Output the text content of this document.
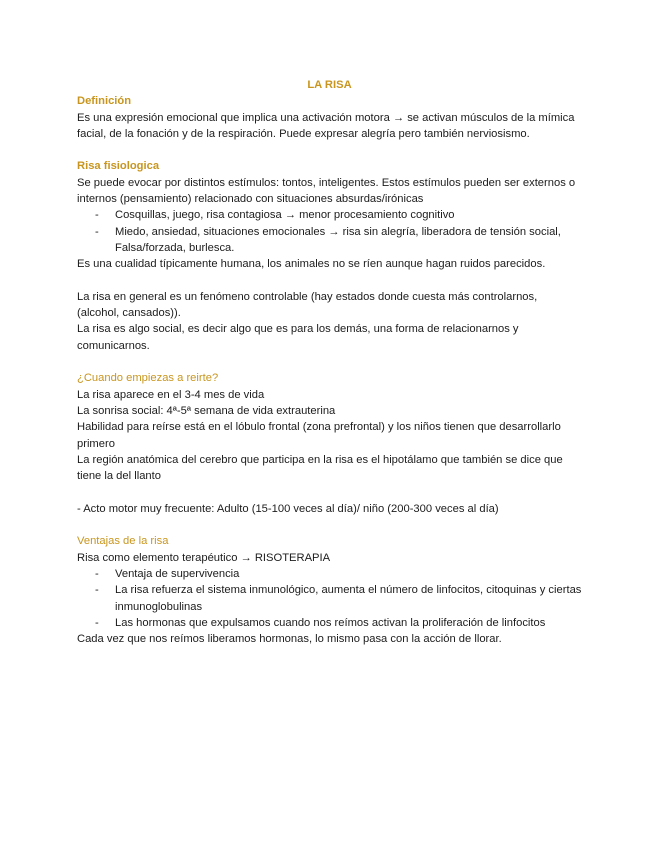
LA RISA

Definición

Es una expresión emocional que implica una activación motora → se activan músculos de la mímica facial, de la fonación y de la respiración. Puede expresar alegría pero también nerviosismo.

Risa fisiologica

Se puede evocar por distintos estímulos: tontos, inteligentes. Estos estímulos pueden ser externos o internos (pensamiento) relacionado con situaciones absurdas/irónicas

- Cosquillas, juego, risa contagiosa → menor procesamiento cognitivo
- Miedo, ansiedad, situaciones emocionales → risa sin alegría, liberadora de tensión social, Falsa/forzada, burlesca.

Es una cualidad típicamente humana, los animales no se ríen aunque hagan ruidos parecidos.

La risa en general es un fenómeno controlable (hay estados donde cuesta más controlarnos, (alcohol, cansados)).

La risa es algo social, es decir algo que es para los demás, una forma de relacionarnos y comunicarnos.

¿Cuando empiezas a reirte?

La risa aparece en el 3-4 mes de vida

La sonrisa social: 4ª-5ª semana de vida extrauterina

Habilidad para reírse está en el lóbulo frontal (zona prefrontal) y los niños tienen que desarrollarlo primero

La región anatómica del cerebro que participa en la risa es el hipotálamo que también se dice que tiene la del llanto

- Acto motor muy frecuente: Adulto (15-100 veces al día)/ niño (200-300 veces al día)

Ventajas de la risa

Risa como elemento terapéutico → RISOTERAPIA

- Ventaja de supervivencia
- La risa refuerza el sistema inmunológico, aumenta el número de linfocitos, citoquinas y ciertas inmunoglobulinas
- Las hormonas que expulsamos cuando nos reímos activan la proliferación de linfocitos

Cada vez que nos reímos liberamos hormonas, lo mismo pasa con la acción de llorar.
